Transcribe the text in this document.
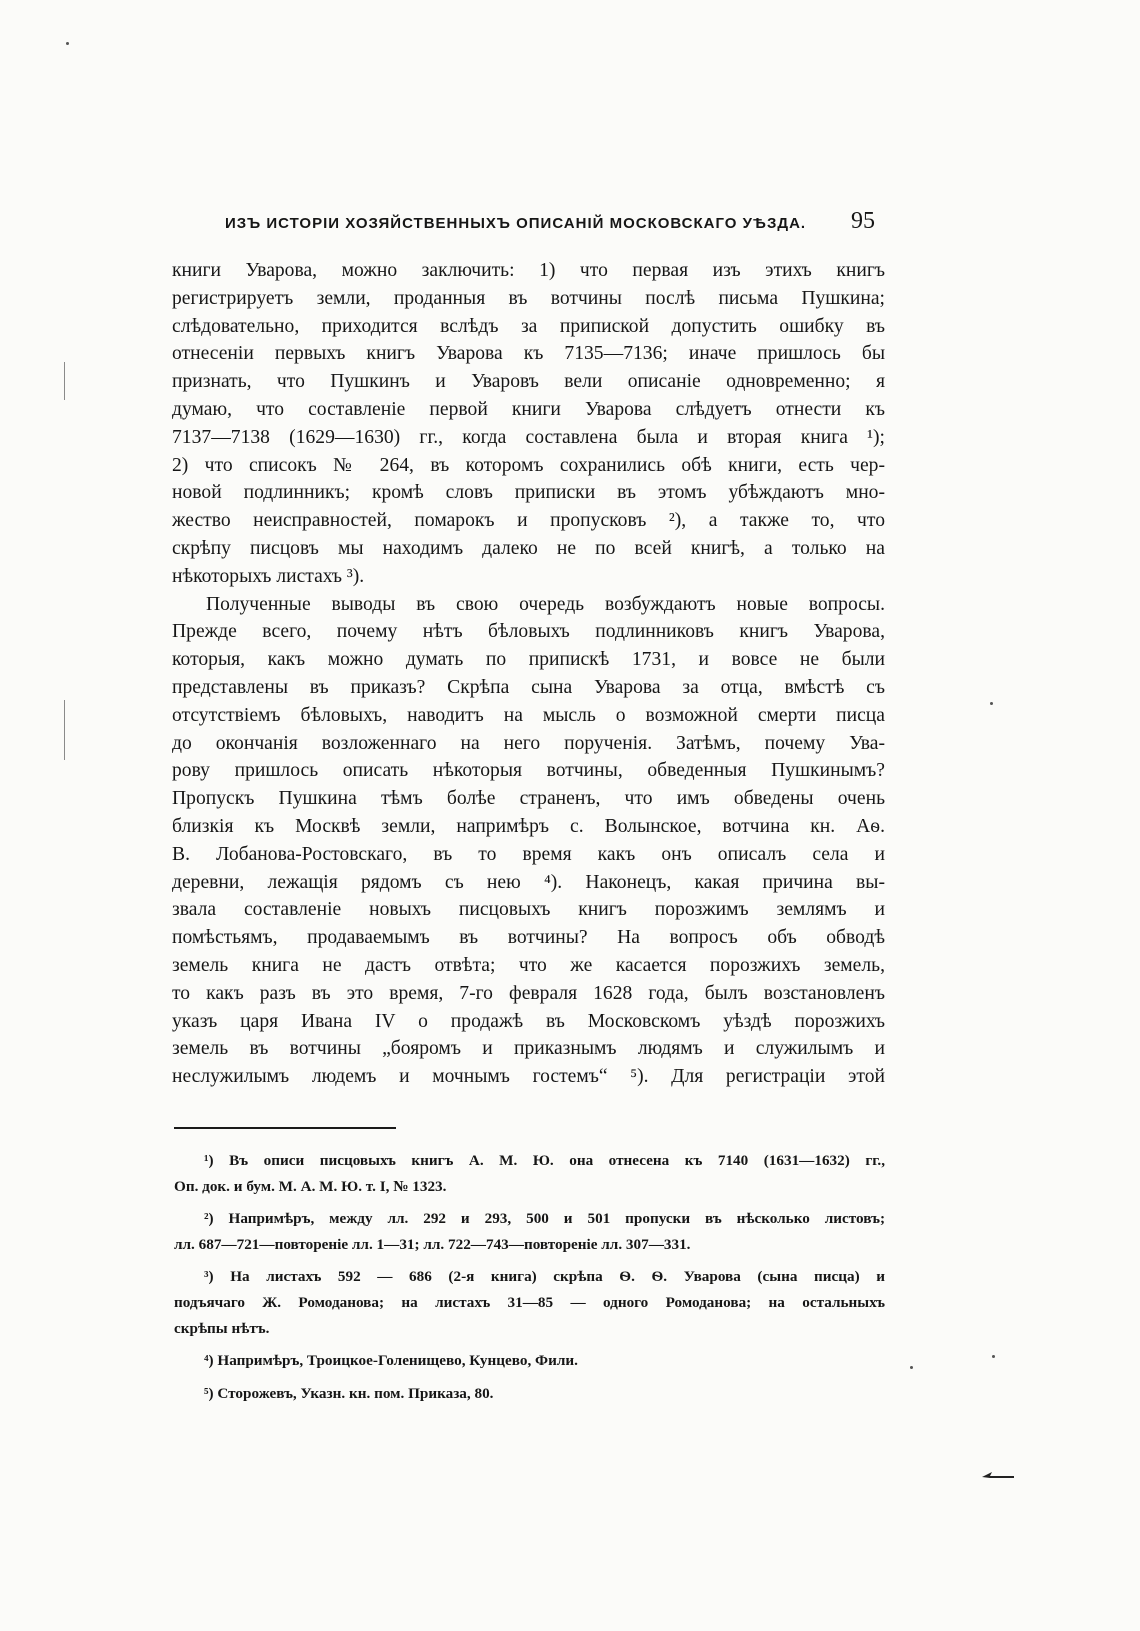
ИЗЪ ИСТОРІИ ХОЗЯЙСТВЕННЫХЪ ОПИСАНІЙ МОСКОВСКАГО УѢЗДА. 95
книги Уварова, можно заключить: 1) что первая изъ этихъ книгъ
регистрируетъ земли, проданныя въ вотчины послѣ письма Пушкина;
слѣдовательно, приходится вслѣдъ за припиской допустить ошибку въ
отнесеніи первыхъ книгъ Уварова къ 7135—7136; иначе пришлось бы
признать, что Пушкинъ и Уваровъ вели описаніе одновременно; я
думаю, что составленіе первой книги Уварова слѣдуетъ отнести къ
7137—7138 (1629—1630) гг., когда составлена была и вторая книга ¹);
2) что списокъ № 264, въ которомъ сохранились обѣ книги, есть чер-
новой подлинникъ; кромѣ словъ приписки въ этомъ убѣждаютъ мно-
жество неисправностей, помарокъ и пропусковъ ²), а также то, что
скрѣпу писцовъ мы находимъ далеко не по всей книгѣ, а только на
нѣкоторыхъ листахъ ³).
Полученные выводы въ свою очередь возбуждаютъ новые вопросы.
Прежде всего, почему нѣтъ бѣловыхъ подлинниковъ книгъ Уварова,
которыя, какъ можно думать по припискѣ 1731, и вовсе не были
представлены въ приказъ? Скрѣпа сына Уварова за отца, вмѣстѣ съ
отсутствіемъ бѣловыхъ, наводитъ на мысль о возможной смерти писца
до окончанія возложеннаго на него порученія. Затѣмъ, почему Ува-
рову пришлось описать нѣкоторыя вотчины, обведенныя Пушкинымъ?
Пропускъ Пушкина тѣмъ болѣе страненъ, что имъ обведены очень
близкія къ Москвѣ земли, напримѣръ с. Волынское, вотчина кн. Аѳ.
В. Лобанова-Ростовскаго, въ то время какъ онъ описалъ села и
деревни, лежащія рядомъ съ нею ⁴). Наконецъ, какая причина вы-
звала составленіе новыхъ писцовыхъ книгъ порозжимъ землямъ и
помѣстьямъ, продаваемымъ въ вотчины? На вопросъ объ обводѣ
земель книга не дастъ отвѣта; что же касается порозжихъ земель,
то какъ разъ въ это время, 7-го февраля 1628 года, былъ возстановленъ
указъ царя Ивана IV о продажѣ въ Московскомъ уѣздѣ порозжихъ
земель въ вотчины „бояромъ и приказнымъ людямъ и служилымъ и
неслужилымъ людемъ и мочнымъ гостемъ“ ⁵). Для регистраціи этой
¹) Въ описи писцовыхъ книгъ А. М. Ю. она отнесена къ 7140 (1631—1632) гг.,
Оп. док. и бум. М. А. М. Ю. т. I, № 1323.
²) Напримѣръ, между лл. 292 и 293, 500 и 501 пропуски въ нѣсколько листовъ;
лл. 687—721—повтореніе лл. 1—31; лл. 722—743—повтореніе лл. 307—331.
³) На листахъ 592 — 686 (2-я книга) скрѣпа Ѳ. Ѳ. Уварова (сына писца) и
подъячаго Ж. Ромоданова; на листахъ 31—85 — одного Ромоданова; на остальныхъ
скрѣпы нѣтъ.
⁴) Напримѣръ, Троицкое-Голенищево, Кунцево, Фили.
⁵) Сторожевъ, Указн. кн. пом. Приказа, 80.
